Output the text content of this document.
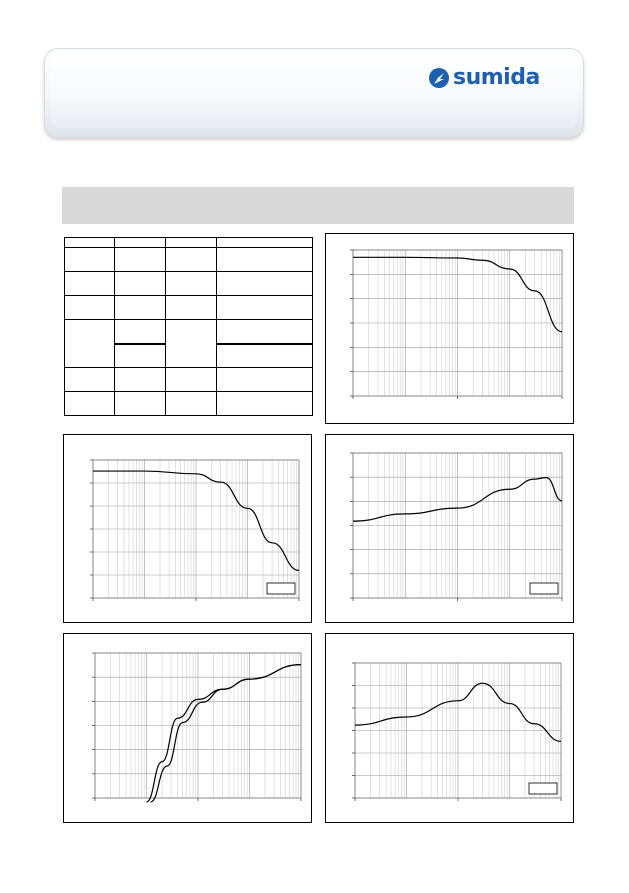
sumida
